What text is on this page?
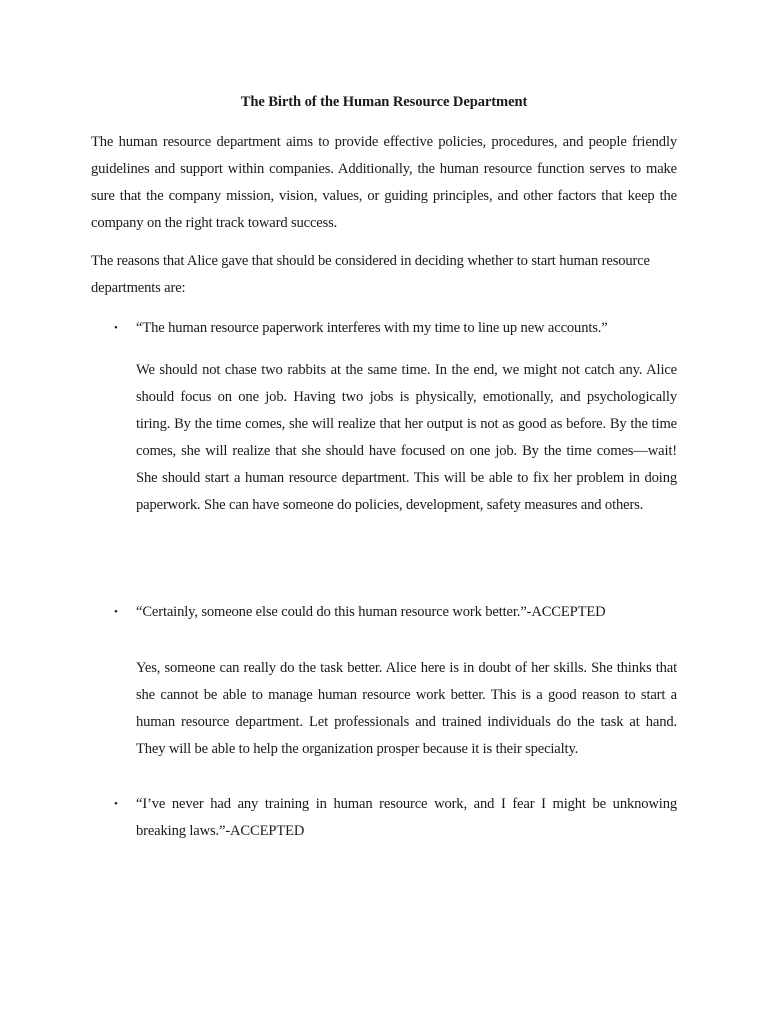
The Birth of the Human Resource Department

The human resource department aims to provide effective policies, procedures, and people friendly guidelines and support within companies. Additionally, the human resource function serves to make sure that the company mission, vision, values, or guiding principles, and other factors that keep the company on the right track toward success.

The reasons that Alice gave that should be considered in deciding whether to start human resource departments are:

• “The human resource paperwork interferes with my time to line up new accounts.”

We should not chase two rabbits at the same time. In the end, we might not catch any. Alice should focus on one job. Having two jobs is physically, emotionally, and psychologically tiring. By the time comes, she will realize that her output is not as good as before. By the time comes, she will realize that she should have focused on one job. By the time comes—wait! She should start a human resource department. This will be able to fix her problem in doing paperwork. She can have someone do policies, development, safety measures and others.

• “Certainly, someone else could do this human resource work better.”-ACCEPTED

Yes, someone can really do the task better. Alice here is in doubt of her skills. She thinks that she cannot be able to manage human resource work better. This is a good reason to start a human resource department. Let professionals and trained individuals do the task at hand. They will be able to help the organization prosper because it is their specialty.

• “I’ve never had any training in human resource work, and I fear I might be unknowing breaking laws.”-ACCEPTED
